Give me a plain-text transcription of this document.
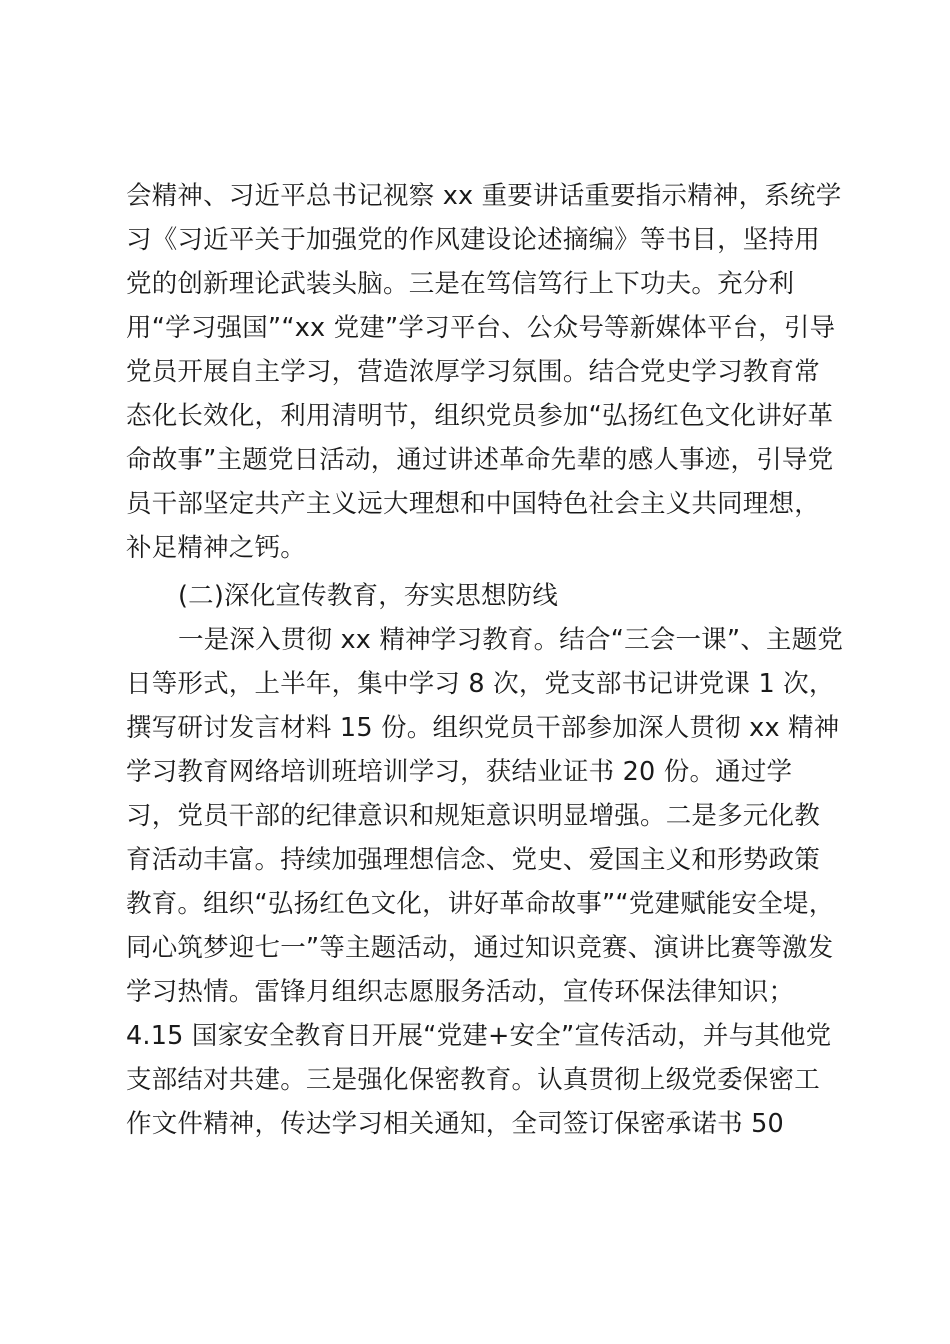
会精神、习近平总书记视察 xx 重要讲话重要指示精神，系统学
习《习近平关于加强党的作风建设论述摘编》等书目，坚持用
党的创新理论武装头脑。三是在笃信笃行上下功夫。充分利
用“学习强国”“xx 党建”学习平台、公众号等新媒体平台，引导
党员开展自主学习，营造浓厚学习氛围。结合党史学习教育常
态化长效化，利用清明节，组织党员参加“弘扬红色文化讲好革
命故事”主题党日活动，通过讲述革命先辈的感人事迹，引导党
员干部坚定共产主义远大理想和中国特色社会主义共同理想，
补足精神之钙。
(二)深化宣传教育，夯实思想防线
一是深入贯彻 xx 精神学习教育。结合“三会一课”、主题党
日等形式，上半年，集中学习 8 次，党支部书记讲党课 1 次，
撰写研讨发言材料 15 份。组织党员干部参加深人贯彻 xx 精神
学习教育网络培训班培训学习，获结业证书 20 份。通过学
习，党员干部的纪律意识和规矩意识明显增强。二是多元化教
育活动丰富。持续加强理想信念、党史、爱国主义和形势政策
教育。组织“弘扬红色文化，讲好革命故事”“党建赋能安全堤，
同心筑梦迎七一”等主题活动，通过知识竞赛、演讲比赛等激发
学习热情。雷锋月组织志愿服务活动，宣传环保法律知识；
4.15 国家安全教育日开展“党建+安全”宣传活动，并与其他党
支部结对共建。三是强化保密教育。认真贯彻上级党委保密工
作文件精神，传达学习相关通知，全司签订保密承诺书 50
